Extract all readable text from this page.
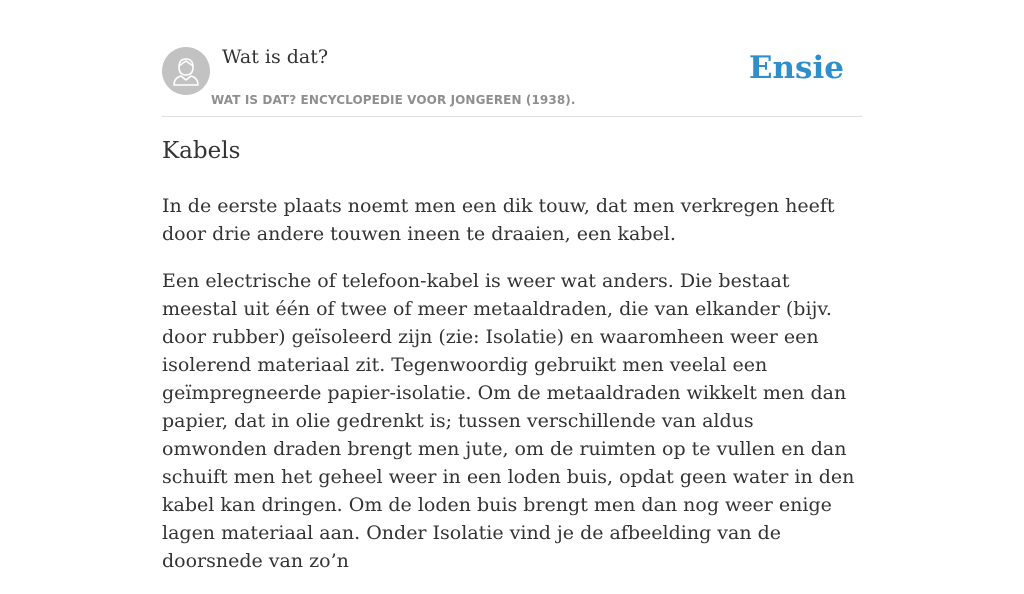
Wat is dat?
WAT IS DAT? ENCYCLOPEDIE VOOR JONGEREN (1938).
Ensie
Kabels

In de eerste plaats noemt men een dik touw, dat men verkregen heeft door drie andere touwen ineen te draaien, een kabel.

Een electrische of telefoon-kabel is weer wat anders. Die bestaat meestal uit één of twee of meer metaaldraden, die van elkander (bijv. door rubber) geïsoleerd zijn (zie: Isolatie) en waaromheen weer een isolerend materiaal zit. Tegenwoordig gebruikt men veelal een geïmpregneerde papier-isolatie. Om de metaaldraden wikkelt men dan papier, dat in olie gedrenkt is; tussen verschillende van aldus omwonden draden brengt men jute, om de ruimten op te vullen en dan schuift men het geheel weer in een loden buis, opdat geen water in den kabel kan dringen. Om de loden buis brengt men dan nog weer enige lagen materiaal aan. Onder Isolatie vind je de afbeelding van de doorsnede van zo’n
